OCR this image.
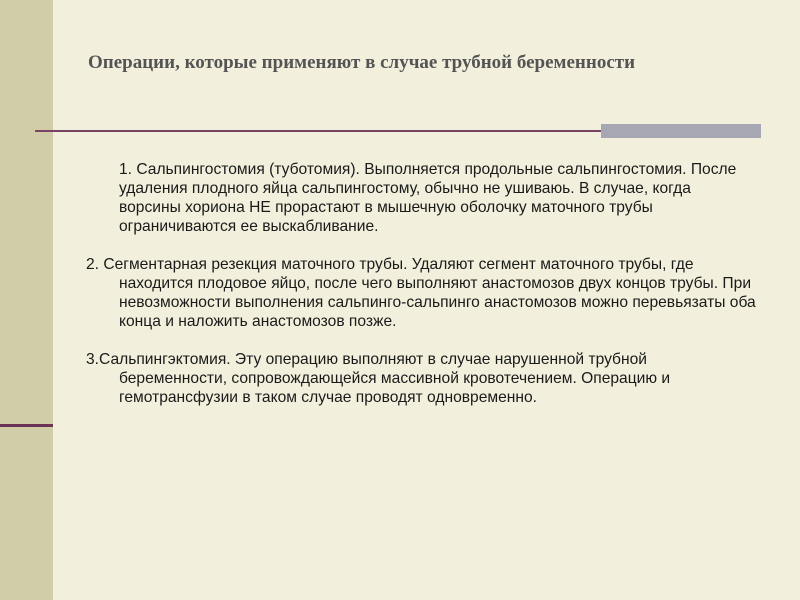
Операции, которые применяют в случае трубной беременности

1. Сальпингостомия (туботомия). Выполняется продольные сальпингостомия. После удаления плодного яйца сальпингостому, обычно не ушиваюь. В случае, когда ворсины хориона НЕ прорастают в мышечную оболочку маточного трубы ограничиваются ее выскабливание.

2. Сегментарная резекция маточного трубы. Удаляют сегмент маточного трубы, где находится плодовое яйцо, после чего выполняют анастомозов двух концов трубы. При невозможности выполнения сальпинго-сальпинго анастомозов можно перевьязаты оба конца и наложить анастомозов позже.

3.Сальпингэктомия. Эту операцию выполняют в случае нарушенной трубной беременности, сопровождающейся массивной кровотечением. Операцию и гемотрансфузии в таком случае проводят одновременно.
